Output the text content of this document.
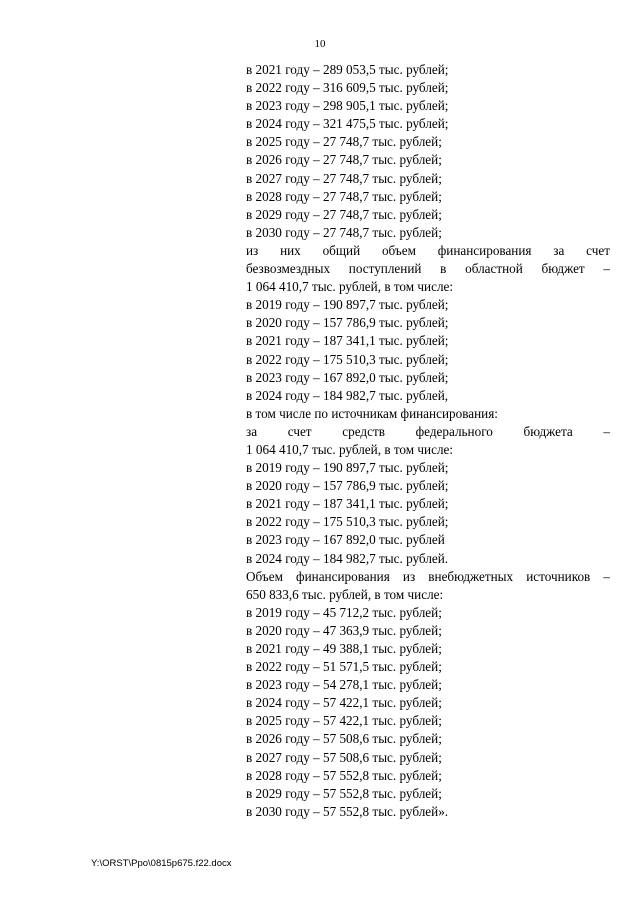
10
в 2021 году – 289 053,5 тыс. рублей;
в 2022 году – 316 609,5 тыс. рублей;
в 2023 году – 298 905,1 тыс. рублей;
в 2024 году – 321 475,5 тыс. рублей;
в 2025 году – 27 748,7 тыс. рублей;
в 2026 году – 27 748,7 тыс. рублей;
в 2027 году – 27 748,7 тыс. рублей;
в 2028 году – 27 748,7 тыс. рублей;
в 2029 году – 27 748,7 тыс. рублей;
в 2030 году – 27 748,7 тыс. рублей;
из них общий объем финансирования за счет
безвозмездных поступлений в областной бюджет –
1 064 410,7 тыс. рублей, в том числе:
в 2019 году – 190 897,7 тыс. рублей;
в 2020 году – 157 786,9 тыс. рублей;
в 2021 году – 187 341,1 тыс. рублей;
в 2022 году – 175 510,3 тыс. рублей;
в 2023 году – 167 892,0 тыс. рублей;
в 2024 году – 184 982,7 тыс. рублей,
в том числе по источникам финансирования:
за счет средств федерального бюджета –
1 064 410,7 тыс. рублей, в том числе:
в 2019 году – 190 897,7 тыс. рублей;
в 2020 году – 157 786,9 тыс. рублей;
в 2021 году – 187 341,1 тыс. рублей;
в 2022 году – 175 510,3 тыс. рублей;
в 2023 году – 167 892,0 тыс. рублей
в 2024 году – 184 982,7 тыс. рублей.
Объем финансирования из внебюджетных источников –
650 833,6 тыс. рублей, в том числе:
в 2019 году – 45 712,2 тыс. рублей;
в 2020 году – 47 363,9 тыс. рублей;
в 2021 году – 49 388,1 тыс. рублей;
в 2022 году – 51 571,5 тыс. рублей;
в 2023 году – 54 278,1 тыс. рублей;
в 2024 году – 57 422,1 тыс. рублей;
в 2025 году – 57 422,1 тыс. рублей;
в 2026 году – 57 508,6 тыс. рублей;
в 2027 году – 57 508,6 тыс. рублей;
в 2028 году – 57 552,8 тыс. рублей;
в 2029 году – 57 552,8 тыс. рублей;
в 2030 году – 57 552,8 тыс. рублей».
Y:\ORST\Ppo\0815p675.f22.docx
